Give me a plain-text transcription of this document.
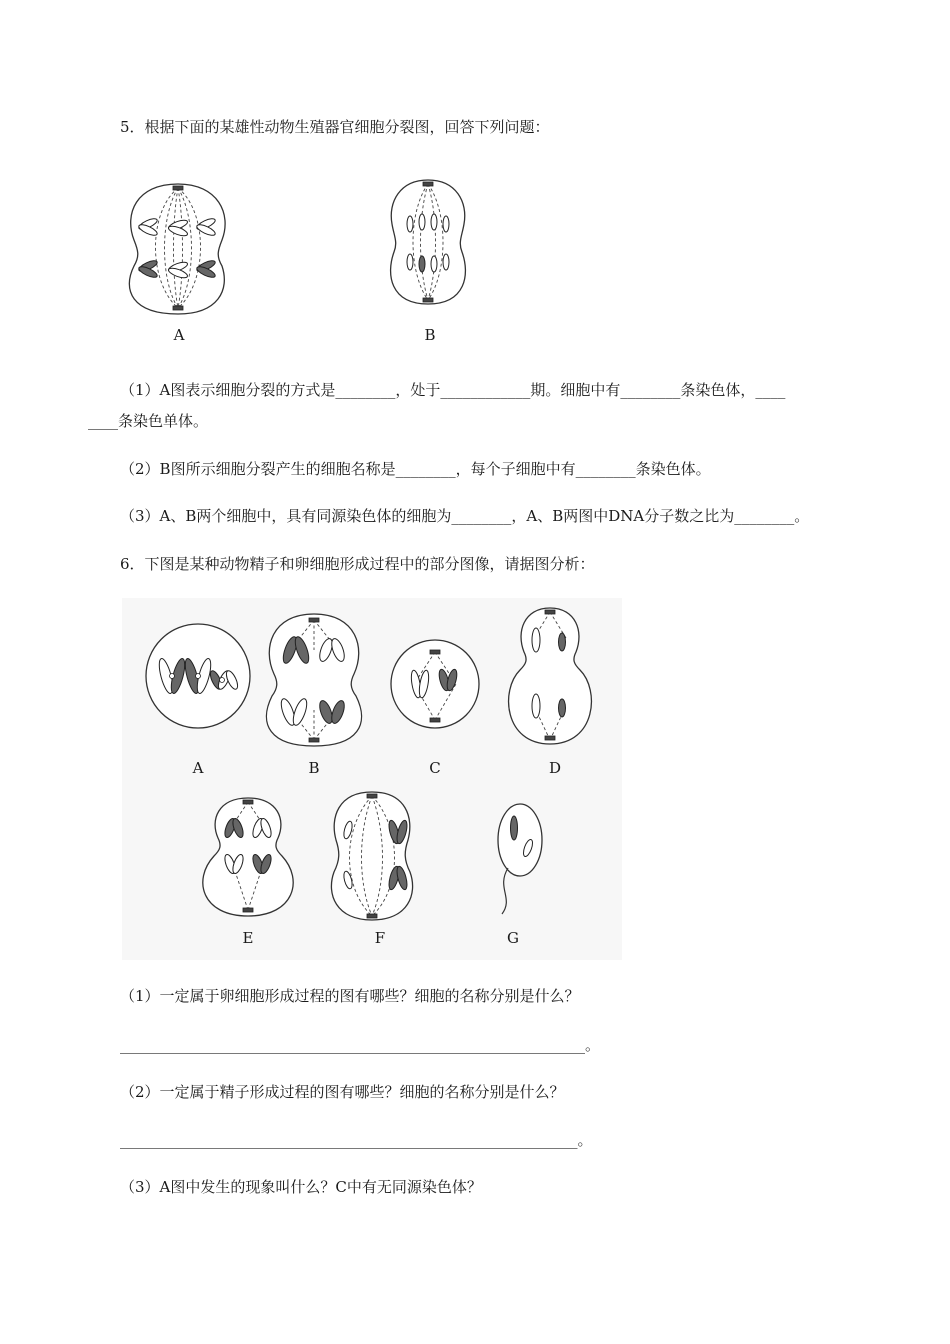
5．根据下面的某雄性动物生殖器官细胞分裂图，回答下列问题：
A	B
（1）A图表示细胞分裂的方式是________，处于____________期。细胞中有________条染色体，____
____条染色单体。
（2）B图所示细胞分裂产生的细胞名称是________，每个子细胞中有________条染色体。
（3）A、B两个细胞中，具有同源染色体的细胞为________，A、B两图中DNA分子数之比为________。
6．下图是某种动物精子和卵细胞形成过程中的部分图像，请据图分析：
A	B	C	D
E	F	G
（1）一定属于卵细胞形成过程的图有哪些？细胞的名称分别是什么？
______________________________________________________________。
（2）一定属于精子形成过程的图有哪些？细胞的名称分别是什么？
_____________________________________________________________。
（3）A图中发生的现象叫什么？C中有无同源染色体？
